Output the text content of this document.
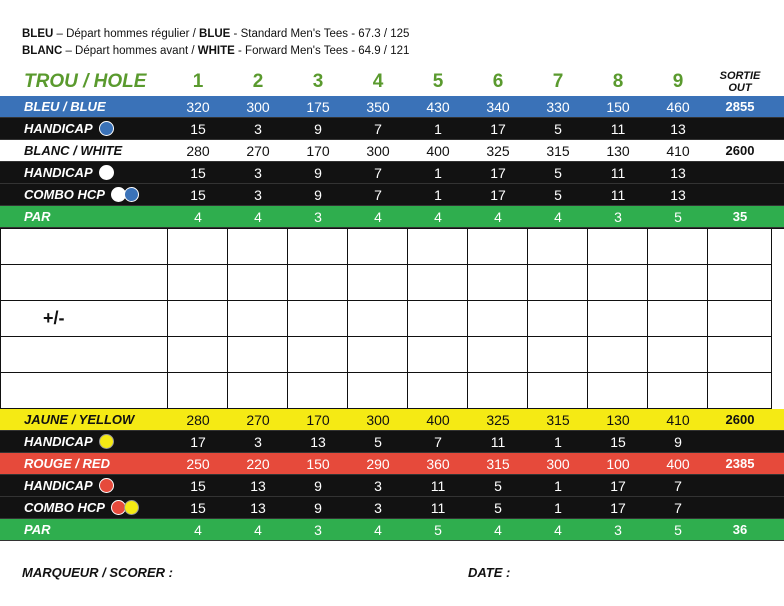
BLEU – Départ hommes régulier / BLUE - Standard Men's Tees - 67.3 / 125
BLANC – Départ hommes avant / WHITE - Forward Men's Tees - 64.9 / 121
TROU / HOLE	1	2	3	4	5	6	7	8	9	SORTIE
OUT
BLEU / BLUE	320	300	175	350	430	340	330	150	460	2855
HANDICAP	15	3	9	7	1	17	5	11	13
BLANC / WHITE	280	270	170	300	400	325	315	130	410	2600
HANDICAP	15	3	9	7	1	17	5	11	13
COMBO HCP	15	3	9	7	1	17	5	11	13
PAR	4	4	3	4	4	4	4	3	5	35
+/-
JAUNE / YELLOW	280	270	170	300	400	325	315	130	410	2600
HANDICAP	17	3	13	5	7	11	1	15	9
ROUGE / RED	250	220	150	290	360	315	300	100	400	2385
HANDICAP	15	13	9	3	11	5	1	17	7
COMBO HCP	15	13	9	3	11	5	1	17	7
PAR	4	4	3	4	5	4	4	3	5	36
MARQUEUR / SCORER :	DATE :
